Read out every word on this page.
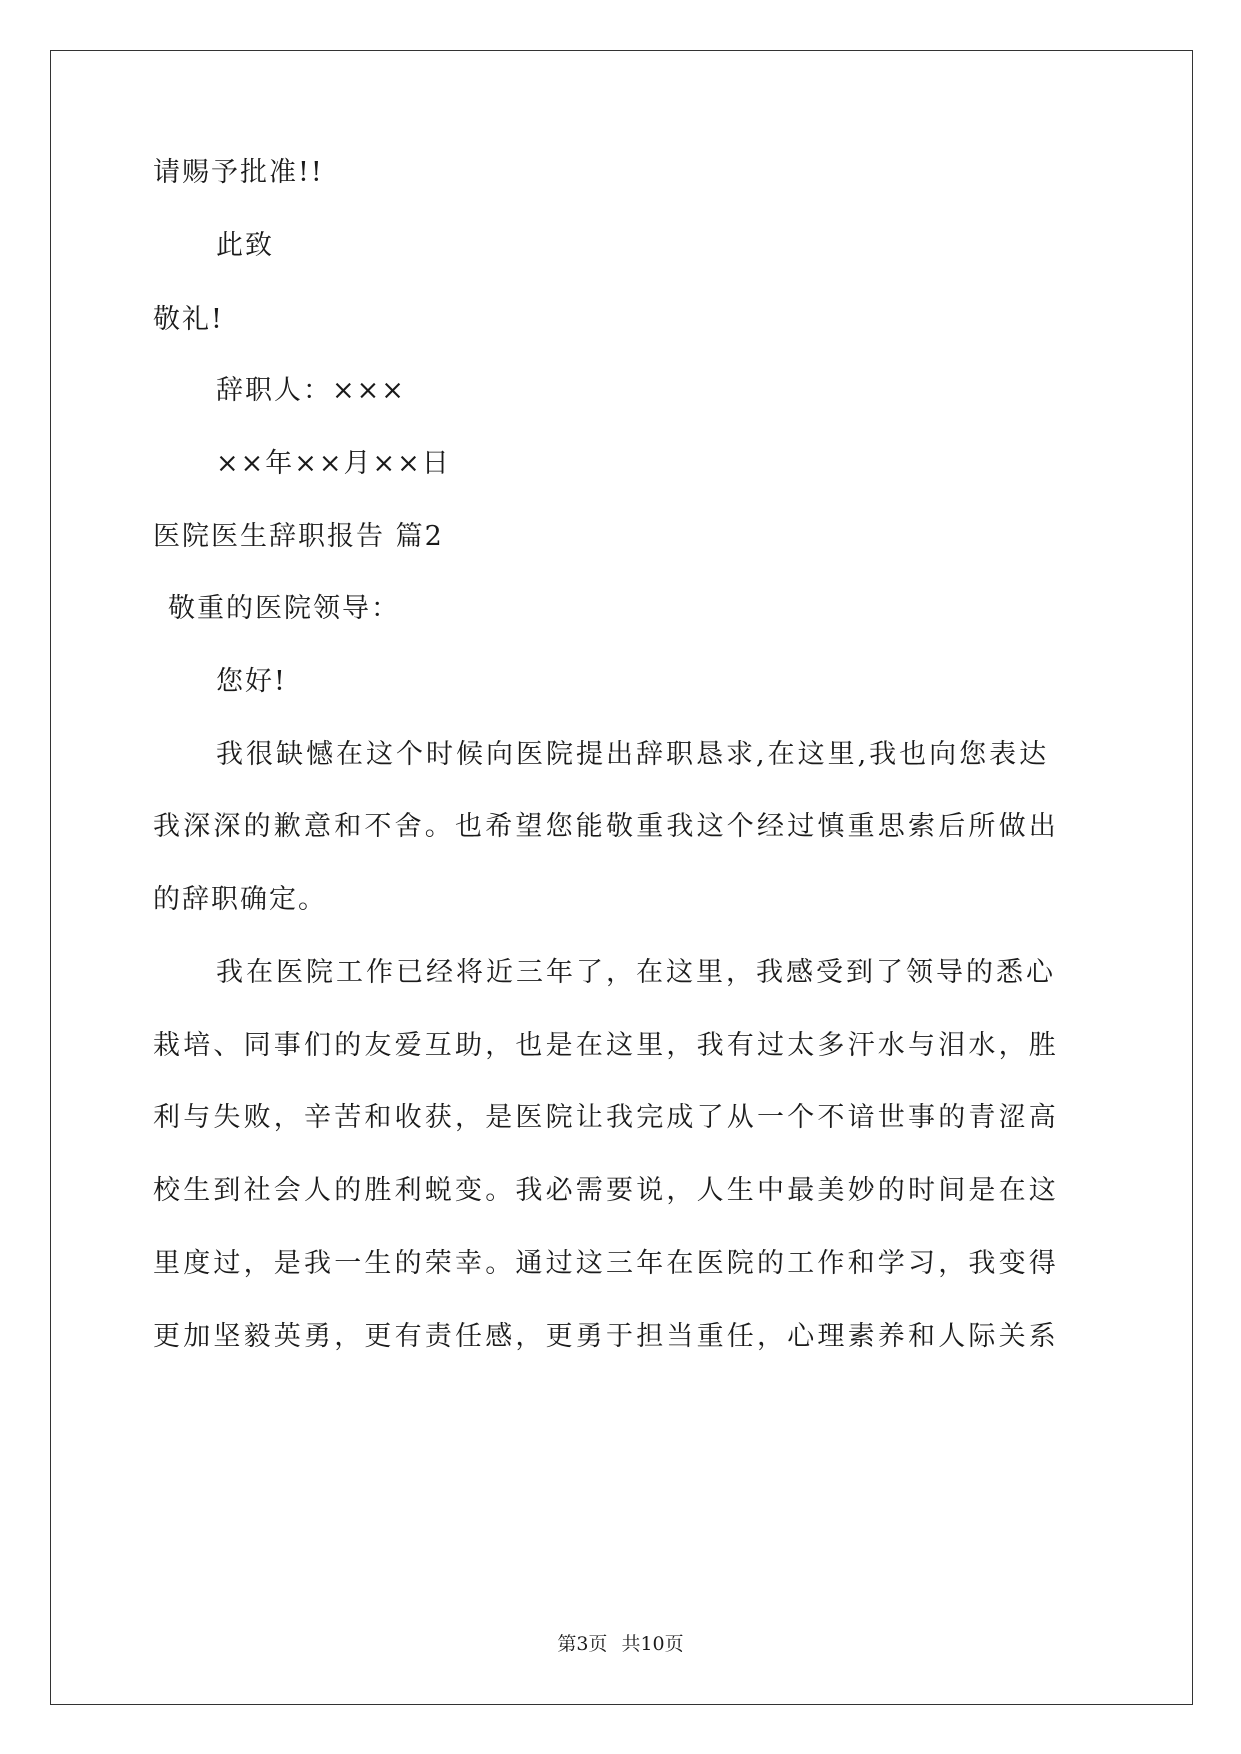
请赐予批准!!
此致
敬礼!
辞职人：×××
××年××月××日
医院医生辞职报告 篇2
敬重的医院领导：
您好!
我很缺憾在这个时候向医院提出辞职恳求,在这里,我也向您表达
我深深的歉意和不舍。也希望您能敬重我这个经过慎重思索后所做出
的辞职确定。
我在医院工作已经将近三年了，在这里，我感受到了领导的悉心
栽培、同事们的友爱互助，也是在这里，我有过太多汗水与泪水，胜
利与失败，辛苦和收获，是医院让我完成了从一个不谙世事的青涩高
校生到社会人的胜利蜕变。我必需要说，人生中最美妙的时间是在这
里度过，是我一生的荣幸。通过这三年在医院的工作和学习，我变得
更加坚毅英勇，更有责任感，更勇于担当重任，心理素养和人际关系
第3页 共10页
